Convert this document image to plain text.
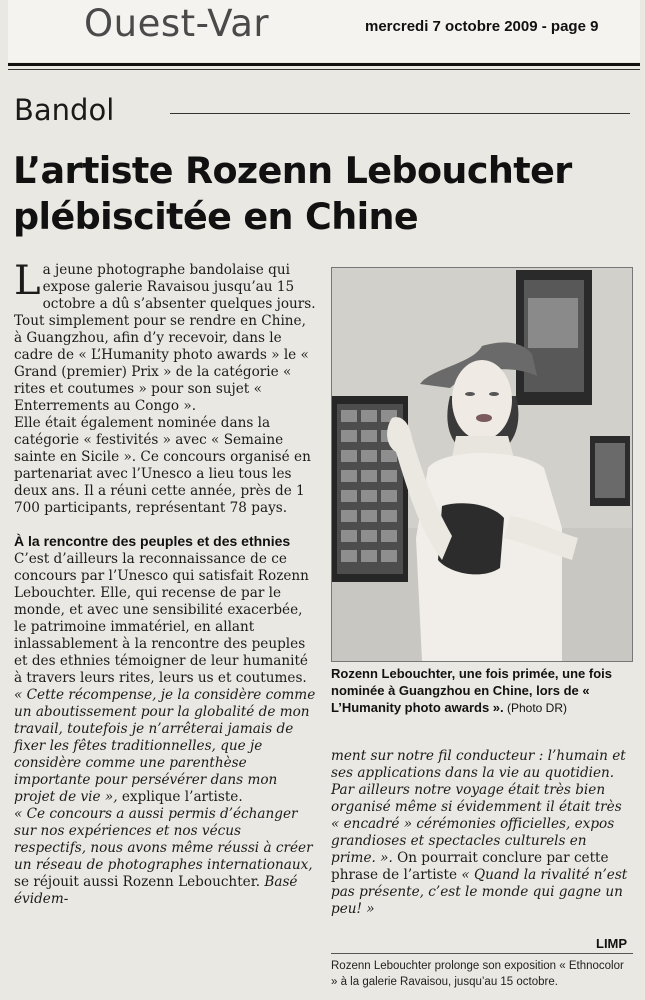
Ouest-Var	mercredi 7 octobre 2009 - page 9
Bandol
L’artiste Rozenn Lebouchter
plébiscitée en Chine

La jeune photographe bandolaise qui expose galerie Ravaisou jusqu’au 15 octobre a dû s’absenter quelques jours. Tout simplement pour se rendre en Chine, à Guangzhou, afin d’y recevoir, dans le cadre de « L’Humanity photo awards » le « Grand (premier) Prix » de la catégorie « rites et coutumes » pour son sujet « Enterrements au Congo ».

Elle était également nominée dans la catégorie « festivités » avec « Semaine sainte en Sicile ». Ce concours organisé en partenariat avec l’Unesco a lieu tous les deux ans. Il a réuni cette année, près de 1 700 participants, représentant 78 pays.

À la rencontre des peuples et des ethnies

C’est d’ailleurs la reconnaissance de ce concours par l’Unesco qui satisfait Rozenn Lebouchter. Elle, qui recense de par le monde, et avec une sensibilité exacerbée, le patrimoine immatériel, en allant inlassablement à la rencontre des peuples et des ethnies témoigner de leur humanité à travers leurs rites, leurs us et coutumes.

« Cette récompense, je la considère comme un aboutissement pour la globalité de mon travail, toutefois je n’arrêterai jamais de fixer les fêtes traditionnelles, que je considère comme une parenthèse importante pour persévérer dans mon projet de vie », explique l’artiste.

« Ce concours a aussi permis d’échanger sur nos expériences et nos vécus respectifs, nous avons même réussi à créer un réseau de photographes internationaux, se réjouit aussi Rozenn Lebouchter. Basé évidem-

Rozenn Lebouchter, une fois primée, une fois nominée à Guangzhou en Chine, lors de « L’Humanity photo awards ». (Photo DR)

ment sur notre fil conducteur : l’humain et ses applications dans la vie au quotidien. Par ailleurs notre voyage était très bien organisé même si évidemment il était très « encadré » cérémonies officielles, expos grandioses et spectacles culturels en prime. ». On pourrait conclure par cette phrase de l’artiste « Quand la rivalité n’est pas présente, c’est le monde qui gagne un peu! »

LIMP
Rozenn Lebouchter prolonge son exposition « Ethnocolor » à la galerie Ravaisou, jusqu’au 15 octobre.
